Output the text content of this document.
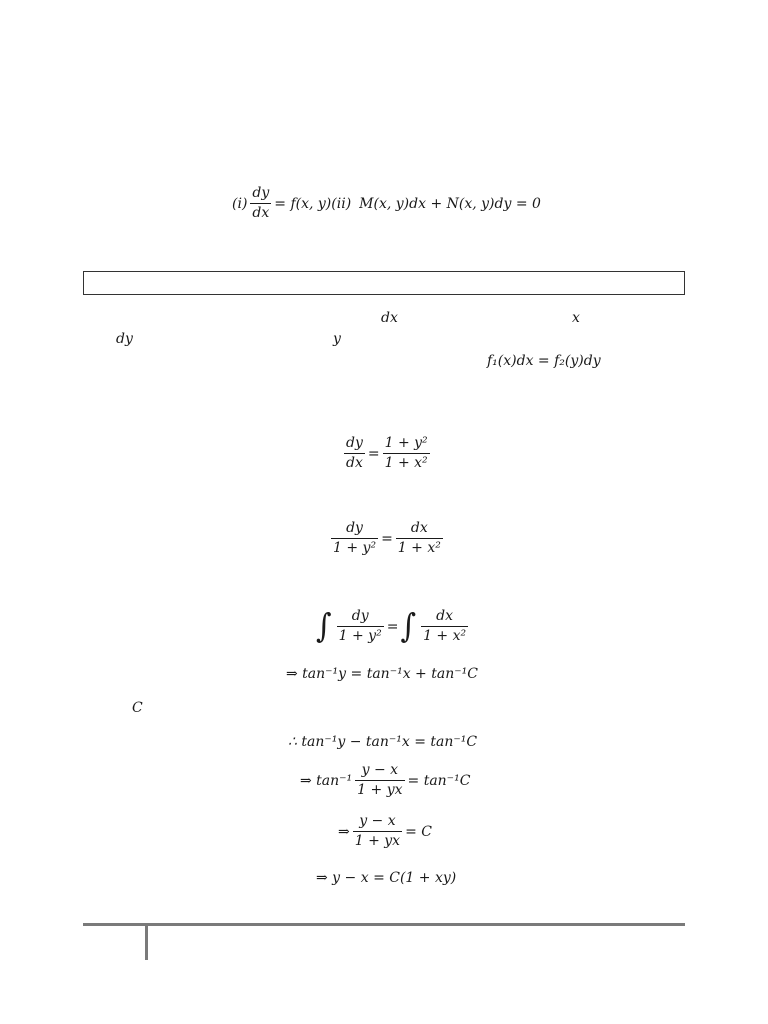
$(i) \frac{dy}{dx} = f(x$, y) (ii) M(x, y)dx + N(x, y)dy = 0
dx	x
dy	y
f₁(x)dx = f₂(y)dy
$\frac{dy}{dx} = \frac{\text{1 + y²}}{\text{1 + x²}}$
$\frac{dy}{\text{1 + y²}} = \frac{dx}{\text{1 + x²}}$
∫ $\frac{dy}{\text{1 + y²}}$ = ∫ $\frac{dx}{\text{1 + x²}}$
⇒ tan⁻¹y = tan⁻¹x + tan⁻¹C
C
∴ tan⁻¹y − tan⁻¹x = tan⁻¹C
⇒ $\tan^{-1} \frac{y - x}{1 + yx} = \tan^{-1}C$
⇒ $\frac{y - x}{1 + yx} = C$
⇒ y − x = C(1 + xy)
